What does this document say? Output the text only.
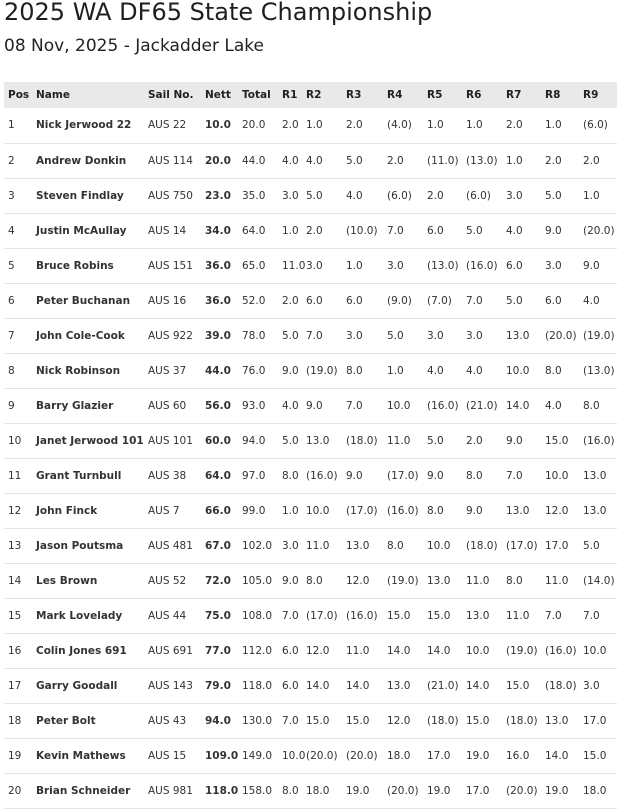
2025 WA DF65 State Championship
08 Nov, 2025 - Jackadder Lake
Pos	Name	Sail No.	Nett	Total	R1	R2	R3	R4	R5	R6	R7	R8	R9
1	Nick Jerwood 22	AUS 22	10.0	20.0	2.0	1.0	2.0	(4.0)	1.0	1.0	2.0	1.0	(6.0)
2	Andrew Donkin	AUS 114	20.0	44.0	4.0	4.0	5.0	2.0	(11.0)	(13.0)	1.0	2.0	2.0
3	Steven Findlay	AUS 750	23.0	35.0	3.0	5.0	4.0	(6.0)	2.0	(6.0)	3.0	5.0	1.0
4	Justin McAullay	AUS 14	34.0	64.0	1.0	2.0	(10.0)	7.0	6.0	5.0	4.0	9.0	(20.0)
5	Bruce Robins	AUS 151	36.0	65.0	11.0	3.0	1.0	3.0	(13.0)	(16.0)	6.0	3.0	9.0
6	Peter Buchanan	AUS 16	36.0	52.0	2.0	6.0	6.0	(9.0)	(7.0)	7.0	5.0	6.0	4.0
7	John Cole-Cook	AUS 922	39.0	78.0	5.0	7.0	3.0	5.0	3.0	3.0	13.0	(20.0)	(19.0)
8	Nick Robinson	AUS 37	44.0	76.0	9.0	(19.0)	8.0	1.0	4.0	4.0	10.0	8.0	(13.0)
9	Barry Glazier	AUS 60	56.0	93.0	4.0	9.0	7.0	10.0	(16.0)	(21.0)	14.0	4.0	8.0
10	Janet Jerwood 101	AUS 101	60.0	94.0	5.0	13.0	(18.0)	11.0	5.0	2.0	9.0	15.0	(16.0)
11	Grant Turnbull	AUS 38	64.0	97.0	8.0	(16.0)	9.0	(17.0)	9.0	8.0	7.0	10.0	13.0
12	John Finck	AUS 7	66.0	99.0	1.0	10.0	(17.0)	(16.0)	8.0	9.0	13.0	12.0	13.0
13	Jason Poutsma	AUS 481	67.0	102.0	3.0	11.0	13.0	8.0	10.0	(18.0)	(17.0)	17.0	5.0
14	Les Brown	AUS 52	72.0	105.0	9.0	8.0	12.0	(19.0)	13.0	11.0	8.0	11.0	(14.0)
15	Mark Lovelady	AUS 44	75.0	108.0	7.0	(17.0)	(16.0)	15.0	15.0	13.0	11.0	7.0	7.0
16	Colin Jones 691	AUS 691	77.0	112.0	6.0	12.0	11.0	14.0	14.0	10.0	(19.0)	(16.0)	10.0
17	Garry Goodall	AUS 143	79.0	118.0	6.0	14.0	14.0	13.0	(21.0)	14.0	15.0	(18.0)	3.0
18	Peter Bolt	AUS 43	94.0	130.0	7.0	15.0	15.0	12.0	(18.0)	15.0	(18.0)	13.0	17.0
19	Kevin Mathews	AUS 15	109.0	149.0	10.0	(20.0)	(20.0)	18.0	17.0	19.0	16.0	14.0	15.0
20	Brian Schneider	AUS 981	118.0	158.0	8.0	18.0	19.0	(20.0)	19.0	17.0	(20.0)	19.0	18.0
